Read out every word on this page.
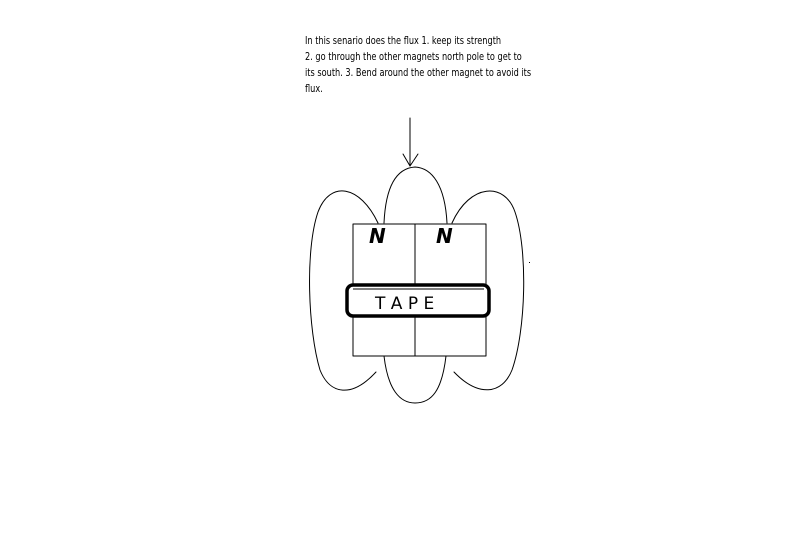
In this senario does the flux 1. keep its strength
2. go through the other magnets north pole to get to
its south. 3. Bend around the other magnet to avoid its
flux.
N	N
T A P E
